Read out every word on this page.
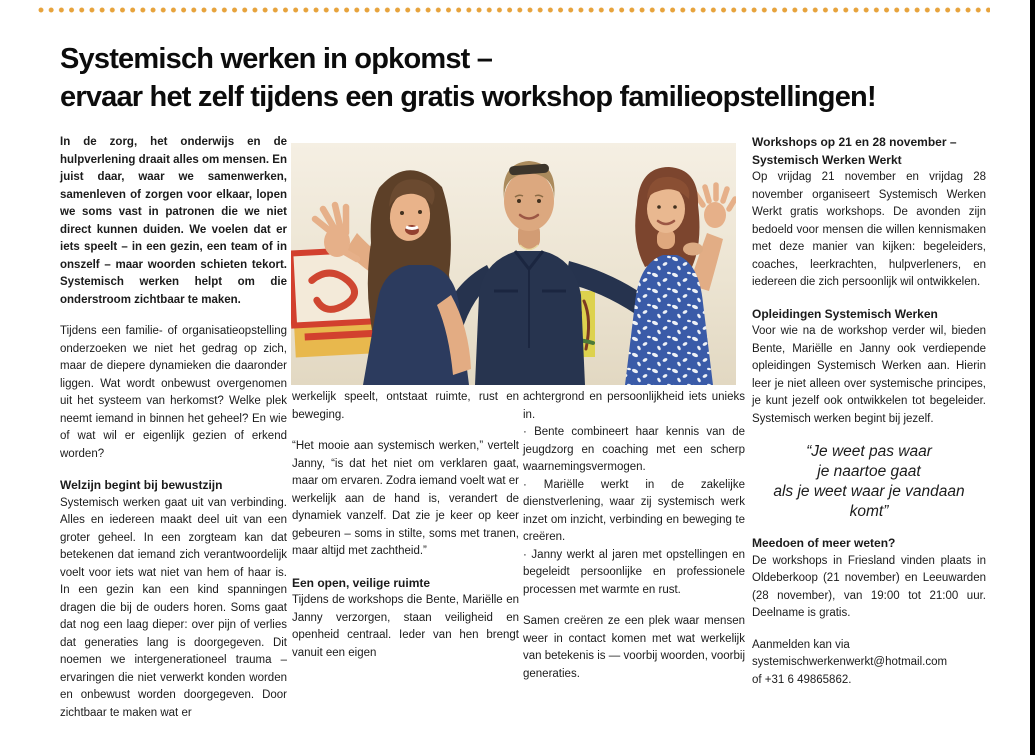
Systemisch werken in opkomst –
ervaar het zelf tijdens een gratis workshop familieopstellingen!

In de zorg, het onderwijs en de hulpverlening draait alles om mensen. En juist daar, waar we samenwerken, samenleven of zorgen voor elkaar, lopen we soms vast in patronen die we niet direct kunnen duiden. We voelen dat er iets speelt – in een gezin, een team of in onszelf – maar woorden schieten tekort. Systemisch werken helpt om die onderstroom zichtbaar te maken.

Tijdens een familie- of organisatieopstelling onderzoeken we niet het gedrag op zich, maar de diepere dynamieken die daaronder liggen. Wat wordt onbewust overgenomen uit het systeem van herkomst? Welke plek neemt iemand in binnen het geheel? En wie of wat wil er eigenlijk gezien of erkend worden?

Welzijn begint bij bewustzijn

Systemisch werken gaat uit van verbinding. Alles en iedereen maakt deel uit van een groter geheel. In een zorgteam kan dat betekenen dat iemand zich verantwoordelijk voelt voor iets wat niet van hem of haar is. In een gezin kan een kind spanningen dragen die bij de ouders horen. Soms gaat dat nog een laag dieper: over pijn of verlies dat generaties lang is doorgegeven. Dit noemen we intergenerationeel trauma – ervaringen die niet verwerkt konden worden en onbewust worden doorgegeven. Door zichtbaar te maken wat er

werkelijk speelt, ontstaat ruimte, rust en beweging.

“Het mooie aan systemisch werken,” vertelt Janny, “is dat het niet om verklaren gaat, maar om ervaren. Zodra iemand voelt wat er werkelijk aan de hand is, verandert de dynamiek vanzelf. Dat zie je keer op keer gebeuren – soms in stilte, soms met tranen, maar altijd met zachtheid.”

Een open, veilige ruimte

Tijdens de workshops die Bente, Mariëlle en Janny verzorgen, staan veiligheid en openheid centraal. Ieder van hen brengt vanuit een eigen

achtergrond en persoonlijkheid iets unieks in.

· Bente combineert haar kennis van de jeugdzorg en coaching met een scherp waarnemingsvermogen.

· Mariëlle werkt in de zakelijke dienstverlening, waar zij systemisch werk inzet om inzicht, verbinding en beweging te creëren.

· Janny werkt al jaren met opstellingen en begeleidt persoonlijke en professionele processen met warmte en rust.

Samen creëren ze een plek waar mensen weer in contact komen met wat werkelijk van betekenis is — voorbij woorden, voorbij generaties.

Workshops op 21 en 28 november – Systemisch Werken Werkt

Op vrijdag 21 november en vrijdag 28 november organiseert Systemisch Werken Werkt gratis workshops. De avonden zijn bedoeld voor mensen die willen kennismaken met deze manier van kijken: begeleiders, coaches, leerkrachten, hulpverleners, en iedereen die zich persoonlijk wil ontwikkelen.

Opleidingen Systemisch Werken

Voor wie na de workshop verder wil, bieden Bente, Mariëlle en Janny ook verdiepende opleidingen Systemisch Werken aan. Hierin leer je niet alleen over systemische principes, je kunt jezelf ook ontwikkelen tot begeleider. Systemisch werken begint bij jezelf.

“Je weet pas waar
je naartoe gaat
als je weet waar je vandaan komt”

Meedoen of meer weten?

De workshops in Friesland vinden plaats in Oldeberkoop (21 november) en Leeuwarden (28 november), van 19:00 tot 21:00 uur. Deelname is gratis.

Aanmelden kan via
systemischwerkenwerkt@hotmail.com
of +31 6 49865862.
